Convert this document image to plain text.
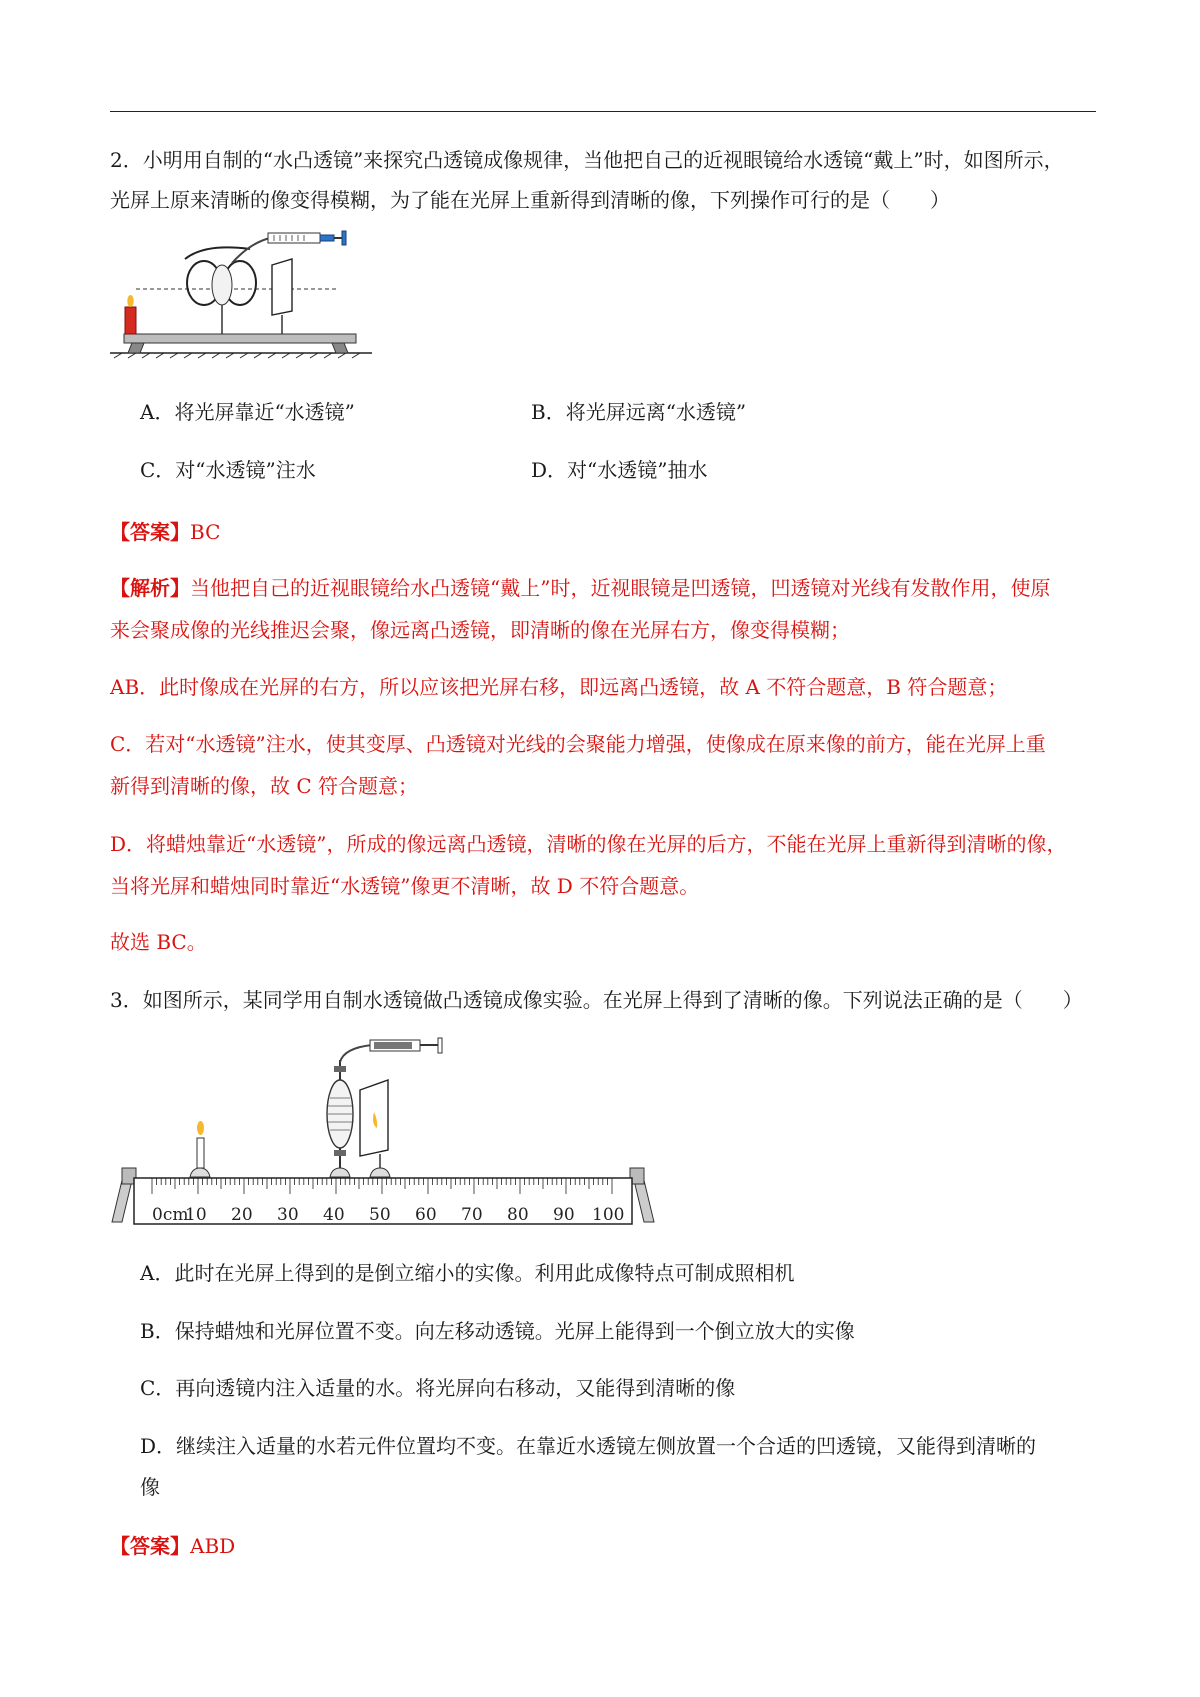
2．小明用自制的“水凸透镜”来探究凸透镜成像规律，当他把自己的近视眼镜给水透镜“戴上”时，如图所示，
光屏上原来清晰的像变得模糊，为了能在光屏上重新得到清晰的像，下列操作可行的是（　　）
A．将光屏靠近“水透镜”	B．将光屏远离“水透镜”
C．对“水透镜”注水	D．对“水透镜”抽水
【答案】BC
【解析】当他把自己的近视眼镜给水凸透镜“戴上”时，近视眼镜是凹透镜，凹透镜对光线有发散作用，使原
来会聚成像的光线推迟会聚，像远离凸透镜，即清晰的像在光屏右方，像变得模糊；
AB．此时像成在光屏的右方，所以应该把光屏右移，即远离凸透镜，故 A 不符合题意，B 符合题意；
C．若对“水透镜”注水，使其变厚、凸透镜对光线的会聚能力增强，使像成在原来像的前方，能在光屏上重
新得到清晰的像，故 C 符合题意；
D．将蜡烛靠近“水透镜”，所成的像远离凸透镜，清晰的像在光屏的后方，不能在光屏上重新得到清晰的像，
当将光屏和蜡烛同时靠近“水透镜”像更不清晰，故 D 不符合题意。
故选 BC。
3．如图所示，某同学用自制水透镜做凸透镜成像实验。在光屏上得到了清晰的像。下列说法正确的是（　　）
0cm
10 20 30 40 50 60 70 80 90 100
A．此时在光屏上得到的是倒立缩小的实像。利用此成像特点可制成照相机
B．保持蜡烛和光屏位置不变。向左移动透镜。光屏上能得到一个倒立放大的实像
C．再向透镜内注入适量的水。将光屏向右移动，又能得到清晰的像
D．继续注入适量的水若元件位置均不变。在靠近水透镜左侧放置一个合适的凹透镜，又能得到清晰的
像
【答案】ABD
